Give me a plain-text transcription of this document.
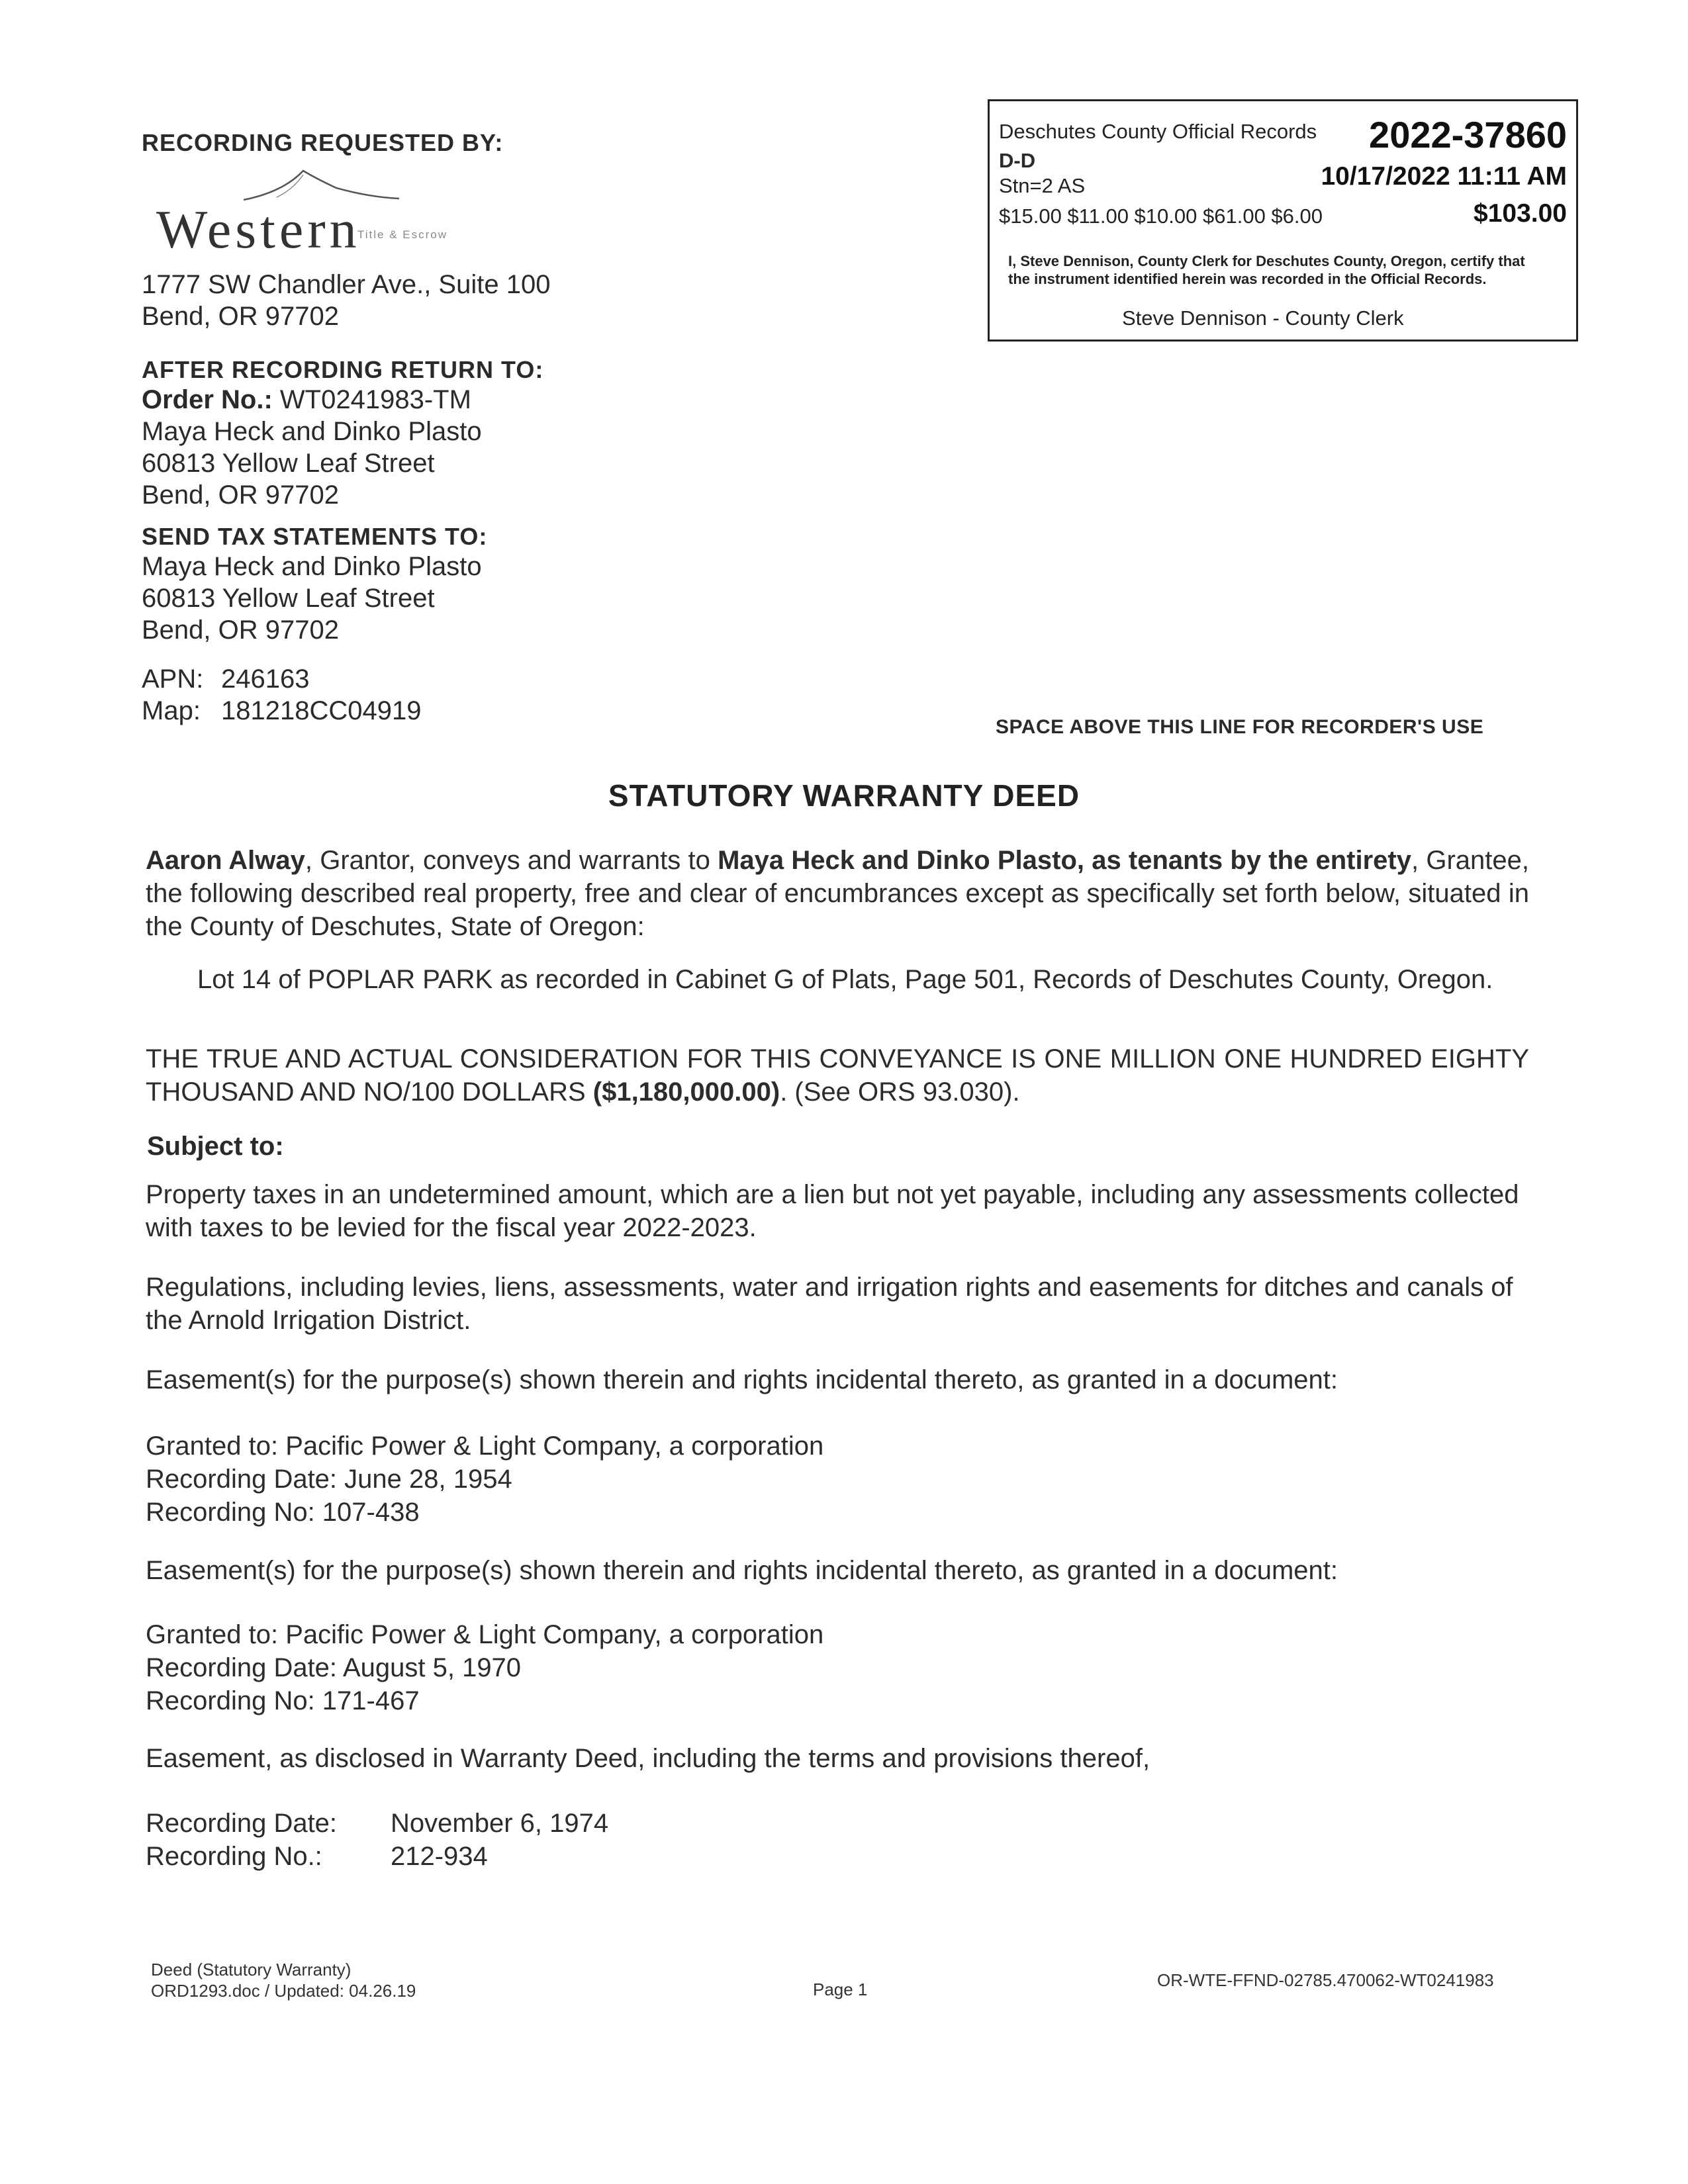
RECORDING REQUESTED BY:
Western
Title & Escrow
1777 SW Chandler Ave., Suite 100
Bend, OR 97702
AFTER RECORDING RETURN TO:
Order No.: WT0241983-TM
Maya Heck and Dinko Plasto
60813 Yellow Leaf Street
Bend, OR 97702
SEND TAX STATEMENTS TO:
Maya Heck and Dinko Plasto
60813 Yellow Leaf Street
Bend, OR 97702
APN: 246163
Map: 181218CC04919
Deschutes County Official Records 2022-37860
D-D
Stn=2 AS	10/17/2022 11:11 AM
$15.00 $11.00 $10.00 $61.00 $6.00	$103.00
I, Steve Dennison, County Clerk for Deschutes County, Oregon, certify that the instrument identified herein was recorded in the Official Records.
Steve Dennison - County Clerk
SPACE ABOVE THIS LINE FOR RECORDER'S USE
STATUTORY WARRANTY DEED
Aaron Alway, Grantor, conveys and warrants to Maya Heck and Dinko Plasto, as tenants by the entirety, Grantee, the following described real property, free and clear of encumbrances except as specifically set forth below, situated in the County of Deschutes, State of Oregon:
Lot 14 of POPLAR PARK as recorded in Cabinet G of Plats, Page 501, Records of Deschutes County, Oregon.
THE TRUE AND ACTUAL CONSIDERATION FOR THIS CONVEYANCE IS ONE MILLION ONE HUNDRED EIGHTY THOUSAND AND NO/100 DOLLARS ($1,180,000.00). (See ORS 93.030).
Subject to:
Property taxes in an undetermined amount, which are a lien but not yet payable, including any assessments collected with taxes to be levied for the fiscal year 2022-2023.
Regulations, including levies, liens, assessments, water and irrigation rights and easements for ditches and canals of the Arnold Irrigation District.
Easement(s) for the purpose(s) shown therein and rights incidental thereto, as granted in a document:
Granted to: Pacific Power & Light Company, a corporation
Recording Date: June 28, 1954
Recording No: 107-438
Easement(s) for the purpose(s) shown therein and rights incidental thereto, as granted in a document:
Granted to: Pacific Power & Light Company, a corporation
Recording Date: August 5, 1970
Recording No: 171-467
Easement, as disclosed in Warranty Deed, including the terms and provisions thereof,
Recording Date: November 6, 1974
Recording No.:	212-934
Deed (Statutory Warranty)
ORD1293.doc / Updated: 04.26.19	Page 1	OR-WTE-FFND-02785.470062-WT0241983
